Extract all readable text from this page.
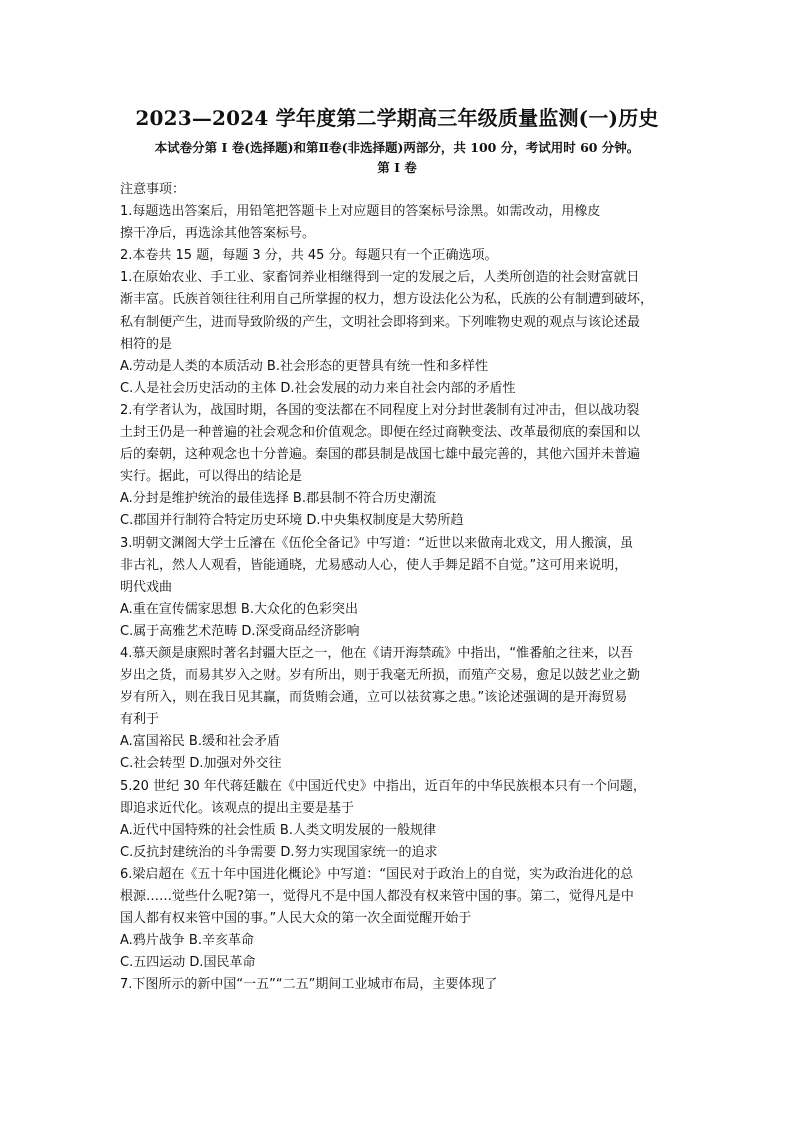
2023—2024 学年度第二学期高三年级质量监测(一)历史
本试卷分第 I 卷(选择题)和第Ⅱ卷(非选择题)两部分，共 100 分，考试用时 60 分钟。
第 I 卷
注意事项：
1.每题选出答案后，用铅笔把答题卡上对应题目的答案标号涂黑。如需改动，用橡皮
擦干净后，再选涂其他答案标号。
2.本卷共 15 题，每题 3 分，共 45 分。每题只有一个正确选项。
1.在原始农业、手工业、家畜饲养业相继得到一定的发展之后，人类所创造的社会财富就日
渐丰富。氏族首领往往利用自己所掌握的权力，想方设法化公为私，氏族的公有制遭到破坏，
私有制便产生，进而导致阶级的产生，文明社会即将到来。下列唯物史观的观点与该论述最
相符的是
A.劳动是人类的本质活动 B.社会形态的更替具有统一性和多样性
C.人是社会历史活动的主体 D.社会发展的动力来自社会内部的矛盾性
2.有学者认为，战国时期，各国的变法都在不同程度上对分封世袭制有过冲击，但以战功裂
土封王仍是一种普遍的社会观念和价值观念。即便在经过商鞅变法、改革最彻底的秦国和以
后的秦朝，这种观念也十分普遍。秦国的郡县制是战国七雄中最完善的，其他六国并未普遍
实行。据此，可以得出的结论是
A.分封是维护统治的最佳选择 B.郡县制不符合历史潮流
C.郡国并行制符合特定历史环境 D.中央集权制度是大势所趋
3.明朝文渊阁大学士丘濬在《伍伦全备记》中写道：“近世以来做南北戏文，用人搬演，虽
非古礼，然人人观看，皆能通晓，尤易感动人心，使人手舞足蹈不自觉。”这可用来说明，
明代戏曲
A.重在宣传儒家思想 B.大众化的色彩突出
C.属于高雅艺术范畴 D.深受商品经济影响
4.慕天颜是康熙时著名封疆大臣之一，他在《请开海禁疏》中指出，“惟番舶之往来，以吾
岁出之货，而易其岁入之财。岁有所出，则于我毫无所损，而殖产交易，愈足以鼓艺业之勤
岁有所入，则在我日见其赢，而货贿会通，立可以祛贫寡之患。”该论述强调的是开海贸易
有利于
A.富国裕民 B.缓和社会矛盾
C.社会转型 D.加强对外交往
5.20 世纪 30 年代蒋廷黻在《中国近代史》中指出，近百年的中华民族根本只有一个问题，
即追求近代化。该观点的提出主要是基于
A.近代中国特殊的社会性质 B.人类文明发展的一般规律
C.反抗封建统治的斗争需要 D.努力实现国家统一的追求
6.梁启超在《五十年中国进化概论》中写道：“国民对于政治上的自觉，实为政治进化的总
根源……觉些什么呢?第一，觉得凡不是中国人都没有权来管中国的事。第二，觉得凡是中
国人都有权来管中国的事。”人民大众的第一次全面觉醒开始于
A.鸦片战争 B.辛亥革命
C.五四运动 D.国民革命
7.下图所示的新中国“一五”“二五”期间工业城市布局，主要体现了
